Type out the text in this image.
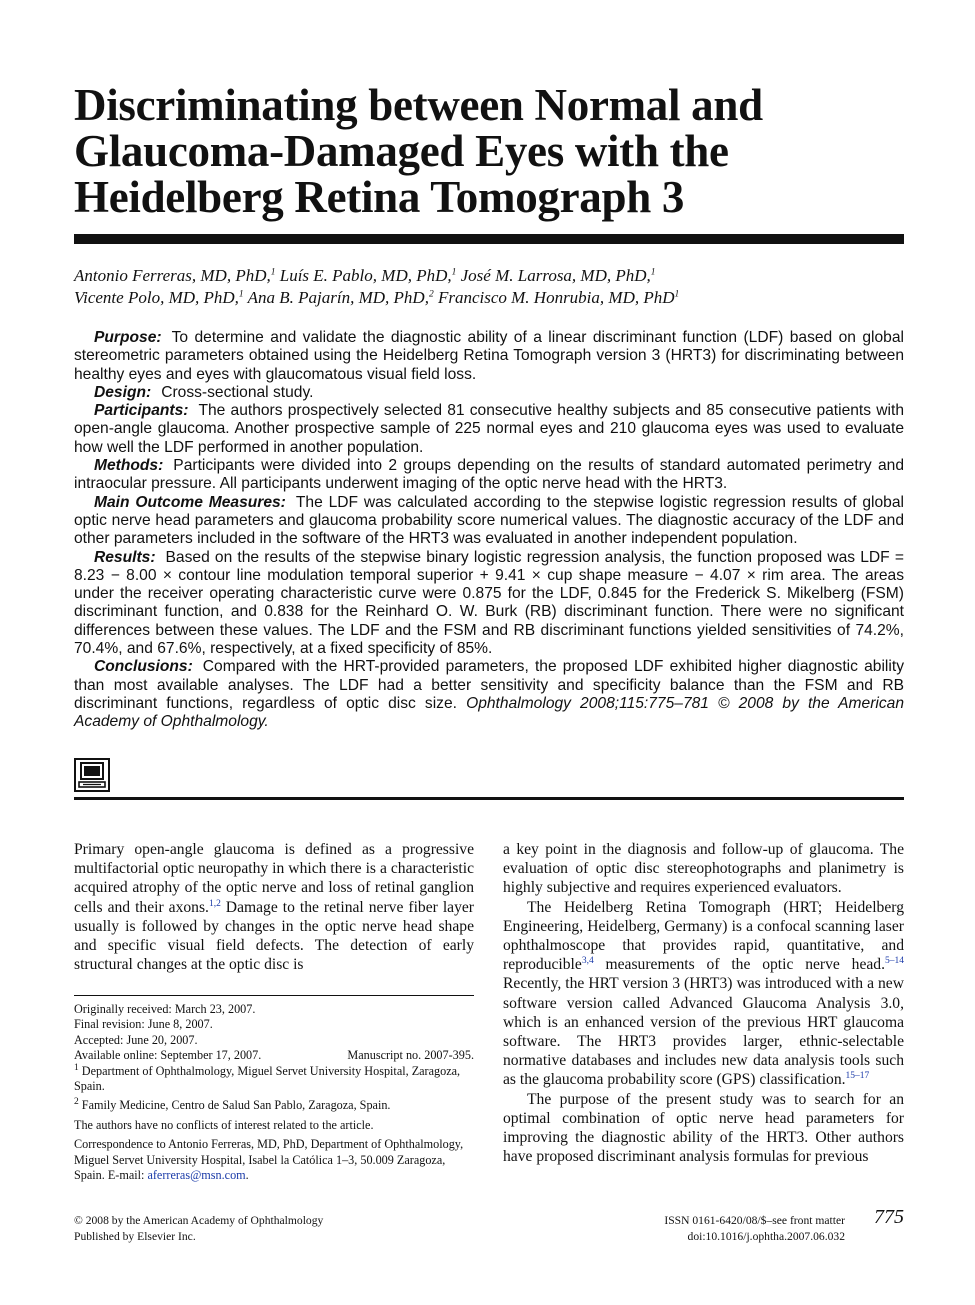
Discriminating between Normal and Glaucoma-Damaged Eyes with the Heidelberg Retina Tomograph 3
Antonio Ferreras, MD, PhD,$^1$ Luís E. Pablo, MD, PhD,$^1$ José M. Larrosa, MD, PhD,$^1$
Vicente Polo, MD, PhD,$^1$ Ana B. Pajarín, MD, PhD,$^2$ Francisco M. Honrubia, MD, PhD$^1$

Purpose: To determine and validate the diagnostic ability of a linear discriminant function (LDF) based on global stereometric parameters obtained using the Heidelberg Retina Tomograph version 3 (HRT3) for discriminating between healthy eyes and eyes with glaucomatous visual field loss.

Design: Cross-sectional study.

Participants: The authors prospectively selected 81 consecutive healthy subjects and 85 consecutive patients with open-angle glaucoma. Another prospective sample of 225 normal eyes and 210 glaucoma eyes was used to evaluate how well the LDF performed in another population.

Methods: Participants were divided into 2 groups depending on the results of standard automated perimetry and intraocular pressure. All participants underwent imaging of the optic nerve head with the HRT3.

Main Outcome Measures: The LDF was calculated according to the stepwise logistic regression results of global optic nerve head parameters and glaucoma probability score numerical values. The diagnostic accuracy of the LDF and other parameters included in the software of the HRT3 was evaluated in another independent population.

Results: Based on the results of the stepwise binary logistic regression analysis, the function proposed was LDF = 8.23 − 8.00 × contour line modulation temporal superior + 9.41 × cup shape measure − 4.07 × rim area. The areas under the receiver operating characteristic curve were 0.875 for the LDF, 0.845 for the Frederick S. Mikelberg (FSM) discriminant function, and 0.838 for the Reinhard O. W. Burk (RB) discriminant function. There were no significant differences between these values. The LDF and the FSM and RB discriminant functions yielded sensitivities of 74.2%, 70.4%, and 67.6%, respectively, at a fixed specificity of 85%.

Conclusions: Compared with the HRT-provided parameters, the proposed LDF exhibited higher diagnostic ability than most available analyses. The LDF had a better sensitivity and specificity balance than the FSM and RB discriminant functions, regardless of optic disc size. Ophthalmology 2008;115:775–781 © 2008 by the American Academy of Ophthalmology.

Primary open-angle glaucoma is defined as a progressive multifactorial optic neuropathy in which there is a characteristic acquired atrophy of the optic nerve and loss of retinal ganglion cells and their axons.$^{1,2}$ Damage to the retinal nerve fiber layer usually is followed by changes in the optic nerve head shape and specific visual field defects. The detection of early structural changes at the optic disc is

Originally received: March 23, 2007.

Final revision: June 8, 2007.

Accepted: June 20, 2007.

Available online: September 17, 2007.	Manuscript no. 2007-395.

$^1$ Department of Ophthalmology, Miguel Servet University Hospital, Zaragoza, Spain.

$^2$ Family Medicine, Centro de Salud San Pablo, Zaragoza, Spain.

The authors have no conflicts of interest related to the article.

Correspondence to Antonio Ferreras, MD, PhD, Department of Ophthalmology, Miguel Servet University Hospital, Isabel la Católica 1–3, 50.009 Zaragoza, Spain. E-mail: aferreras@msn.com.

a key point in the diagnosis and follow-up of glaucoma. The evaluation of optic disc stereophotographs and planimetry is highly subjective and requires experienced evaluators.

The Heidelberg Retina Tomograph (HRT; Heidelberg Engineering, Heidelberg, Germany) is a confocal scanning laser ophthalmoscope that provides rapid, quantitative, and reproducible$^{3,4}$ measurements of the optic nerve head.$^{5-14}$ Recently, the HRT version 3 (HRT3) was introduced with a new software version called Advanced Glaucoma Analysis 3.0, which is an enhanced version of the previous HRT glaucoma software. The HRT3 provides larger, ethnic-selectable normative databases and includes new data analysis tools such as the glaucoma probability score (GPS) classification.$^{15-17}$

The purpose of the present study was to search for an optimal combination of optic nerve head parameters for improving the diagnostic ability of the HRT3. Other authors have proposed discriminant analysis formulas for previous

© 2008 by the American Academy of Ophthalmology
Published by Elsevier Inc.
ISSN 0161-6420/08/$–see front matter
doi:10.1016/j.ophtha.2007.06.032
775
